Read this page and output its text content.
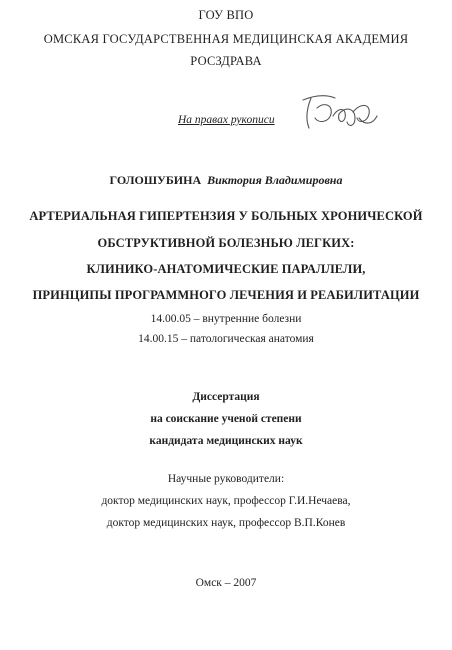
ГОУ ВПО
ОМСКАЯ ГОСУДАРСТВЕННАЯ МЕДИЦИНСКАЯ АКАДЕМИЯ
РОСЗДРАВА
На правах рукописи
ГОЛОШУБИНА Виктория Владимировна
АРТЕРИАЛЬНАЯ ГИПЕРТЕНЗИЯ У БОЛЬНЫХ ХРОНИЧЕСКОЙ
ОБСТРУКТИВНОЙ БОЛЕЗНЬЮ ЛЕГКИХ:
КЛИНИКО-АНАТОМИЧЕСКИЕ ПАРАЛЛЕЛИ,
ПРИНЦИПЫ ПРОГРАММНОГО ЛЕЧЕНИЯ И РЕАБИЛИТАЦИИ
14.00.05 – внутренние болезни
14.00.15 – патологическая анатомия
Диссертация
на соискание ученой степени
кандидата медицинских наук
Научные руководители:
доктор медицинских наук, профессор Г.И.Нечаева,
доктор медицинских наук, профессор В.П.Конев
Омск – 2007
